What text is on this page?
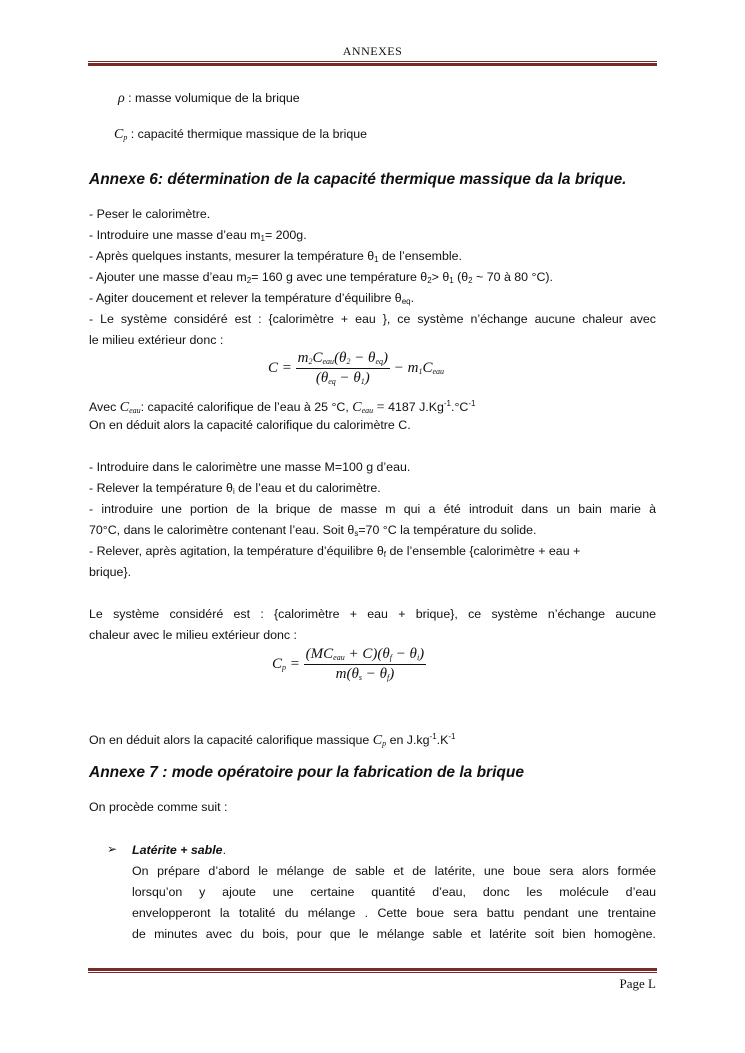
ANNEXES
ρ : masse volumique de la brique
$C_p$ : capacité thermique massique de la brique
Annexe 6: détermination de la capacité thermique massique da la brique.
- Peser le calorimètre.
- Introduire une masse d’eau $m_1= 200g$.
- Après quelques instants, mesurer la température $\theta_1$ de l’ensemble.
- Ajouter une masse d’eau $m_2= 160$ g avec une température $\theta_2> \theta_1$ ($\theta_2$ ~ 70 à 80 °C).
- Agiter doucement et relever la température d’équilibre $\theta_{eq}$.
- Le système considéré est : {calorimètre + eau }, ce système n’échange aucune chaleur avec
le milieu extérieur donc :
$C = \frac{m_2C_{eau}(\theta_2 - \theta_{eq})}{(\theta_{eq} - \theta_1)} - m_1C_{eau}$
Avec $C_{eau}$: capacité calorifique de l’eau à 25 °C, $C_{eau} = 4187$ $J.Kg^{-1}.^\circ C^{-1}$
On en déduit alors la capacité calorifique du calorimètre C.
- Introduire dans le calorimètre une masse M=100 g d’eau.
- Relever la température $\theta_i$ de l’eau et du calorimètre.
- introduire une portion de la brique de masse m qui a été introduit dans un bain marie à
70°C, dans le calorimètre contenant l’eau. Soit $\theta_s=70$ °C la température du solide.
- Relever, après agitation, la température d’équilibre $\theta_f$ de l’ensemble {calorimètre + eau +
brique}.
Le système considéré est : {calorimètre + eau + brique}, ce système n’échange aucune
chaleur avec le milieu extérieur donc :
$C_p = \frac{(MC_{eau} + C)(\theta_f - \theta_i)}{m(\theta_s - \theta_f)}$
On en déduit alors la capacité calorifique massique $C_p$ en $J.kg^{-1}.K^{-1}$
Annexe 7 : mode opératoire pour la fabrication de la brique
On procède comme suit :
➢ Latérite + sable.
On prépare d’abord le mélange de sable et de latérite, une boue sera alors formée
lorsqu’on y ajoute une certaine quantité d’eau, donc les molécule d’eau
envelopperont la totalité du mélange . Cette boue sera battu pendant une trentaine
de minutes avec du bois, pour que le mélange sable et latérite soit bien homogène.
Page L
